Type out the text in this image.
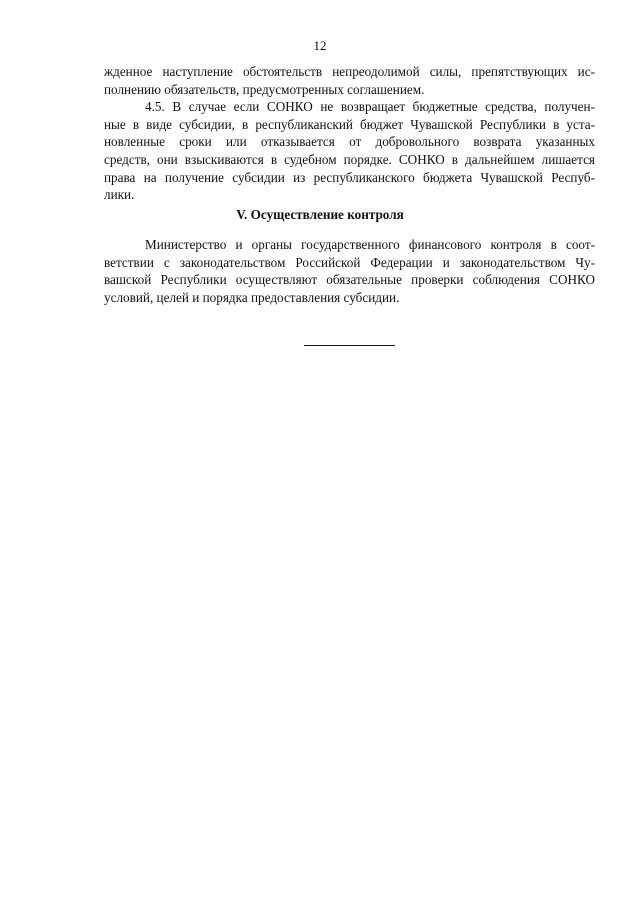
12
жденное наступление обстоятельств непреодолимой силы, препятствующих ис-
полнению обязательств, предусмотренных соглашением.
4.5. В случае если СОНКО не возвращает бюджетные средства, получен-
ные в виде субсидии, в республиканский бюджет Чувашской Республики в уста-
новленные сроки или отказывается от добровольного возврата указанных
средств, они взыскиваются в судебном порядке. СОНКО в дальнейшем лишается
права на получение субсидии из республиканского бюджета Чувашской Респуб-
лики.
V. Осуществление контроля
Министерство и органы государственного финансового контроля в соот-
ветствии с законодательством Российской Федерации и законодательством Чу-
вашской Республики осуществляют обязательные проверки соблюдения СОНКО
условий, целей и порядка предоставления субсидии.
